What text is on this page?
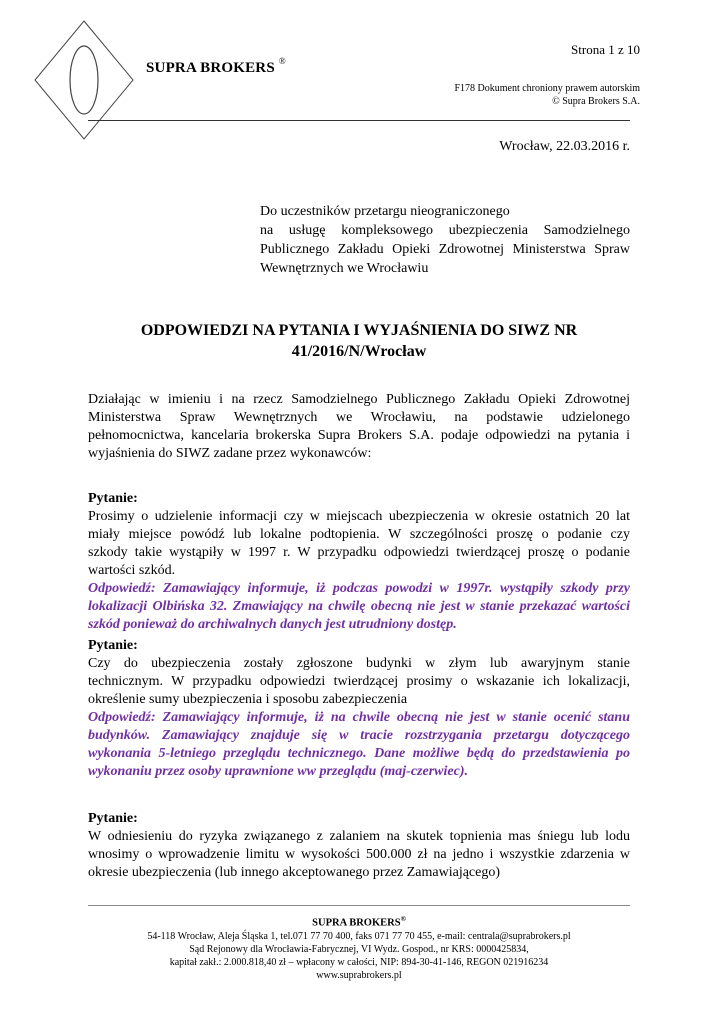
SUPRA BROKERS ®
Strona 1 z 10
F178 Dokument chroniony prawem autorskim
© Supra Brokers S.A.
Wrocław, 22.03.2016 r.
Do uczestników przetargu nieograniczonego
na usługę kompleksowego ubezpieczenia Samodzielnego
Publicznego Zakładu Opieki Zdrowotnej Ministerstwa Spraw
Wewnętrznych we Wrocławiu
ODPOWIEDZI NA PYTANIA I WYJAŚNIENIA DO SIWZ NR
41/2016/N/Wrocław
Działając w imieniu i na rzecz Samodzielnego Publicznego Zakładu Opieki Zdrowotnej
Ministerstwa Spraw Wewnętrznych we Wrocławiu, na podstawie udzielonego
pełnomocnictwa, kancelaria brokerska Supra Brokers S.A. podaje odpowiedzi na pytania i
wyjaśnienia do SIWZ zadane przez wykonawców:
Pytanie:
Prosimy o udzielenie informacji czy w miejscach ubezpieczenia w okresie ostatnich 20 lat
miały miejsce powódź lub lokalne podtopienia. W szczególności proszę o podanie czy
szkody takie wystąpiły w 1997 r. W przypadku odpowiedzi twierdzącej proszę o podanie
wartości szkód.
Odpowiedź: Zamawiający informuje, iż podczas powodzi w 1997r. wystąpiły szkody przy
lokalizacji Olbińska 32. Zmawiający na chwilę obecną nie jest w stanie przekazać wartości
szkód ponieważ do archiwalnych danych jest utrudniony dostęp.
Pytanie:
Czy do ubezpieczenia zostały zgłoszone budynki w złym lub awaryjnym stanie
technicznym. W przypadku odpowiedzi twierdzącej prosimy o wskazanie ich lokalizacji,
określenie sumy ubezpieczenia i sposobu zabezpieczenia
Odpowiedź: Zamawiający informuje, iż na chwile obecną nie jest w stanie ocenić stanu
budynków. Zamawiający znajduje się w tracie rozstrzygania przetargu dotyczącego
wykonania 5-letniego przeglądu technicznego. Dane możliwe będą do przedstawienia po
wykonaniu przez osoby uprawnione ww przeglądu (maj-czerwiec).
Pytanie:
W odniesieniu do ryzyka związanego z zalaniem na skutek topnienia mas śniegu lub lodu
wnosimy o wprowadzenie limitu w wysokości 500.000 zł na jedno i wszystkie zdarzenia w
okresie ubezpieczenia (lub innego akceptowanego przez Zamawiającego)
SUPRA BROKERS®
54-118 Wrocław, Aleja Śląska 1, tel.071 77 70 400, faks 071 77 70 455, e-mail: centrala@suprabrokers.pl
Sąd Rejonowy dla Wrocławia-Fabrycznej, VI Wydz. Gospod., nr KRS: 0000425834,
kapitał zakł.: 2.000.818,40 zł – wpłacony w całości, NIP: 894-30-41-146, REGON 021916234
www.suprabrokers.pl
